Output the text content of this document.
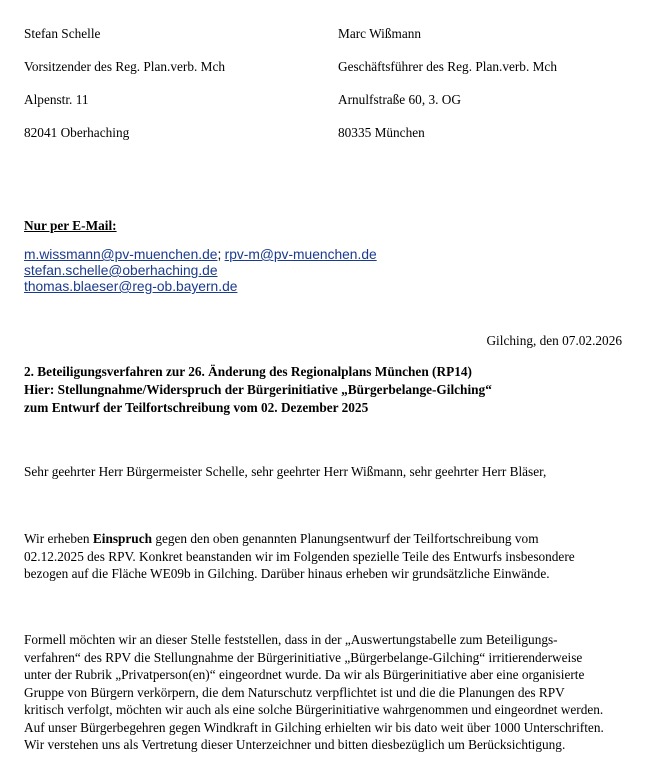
Stefan Schelle
Vorsitzender des Reg. Plan.verb. Mch
Alpenstr. 11
82041 Oberhaching
Marc Wißmann
Geschäftsführer des Reg. Plan.verb. Mch
Arnulfstraße 60, 3. OG
80335 München
Nur per E-Mail:
m.wissmann@pv-muenchen.de; rpv-m@pv-muenchen.de
stefan.schelle@oberhaching.de
thomas.blaeser@reg-ob.bayern.de
Gilching, den 07.02.2026
2. Beteiligungsverfahren zur 26. Änderung des Regionalplans München (RP14)
Hier: Stellungnahme/Widerspruch der Bürgerinitiative „Bürgerbelange-Gilching“
zum Entwurf der Teilfortschreibung vom 02. Dezember 2025
Sehr geehrter Herr Bürgermeister Schelle, sehr geehrter Herr Wißmann, sehr geehrter Herr Bläser,
Wir erheben Einspruch gegen den oben genannten Planungsentwurf der Teilfortschreibung vom
02.12.2025 des RPV. Konkret beanstanden wir im Folgenden spezielle Teile des Entwurfs insbesondere
bezogen auf die Fläche WE09b in Gilching. Darüber hinaus erheben wir grundsätzliche Einwände.
Formell möchten wir an dieser Stelle feststellen, dass in der „Auswertungstabelle zum Beteiligungs-
verfahren“ des RPV die Stellungnahme der Bürgerinitiative „Bürgerbelange-Gilching“ irritierenderweise
unter der Rubrik „Privatperson(en)“ eingeordnet wurde. Da wir als Bürgerinitiative aber eine organisierte
Gruppe von Bürgern verkörpern, die dem Naturschutz verpflichtet ist und die die Planungen des RPV
kritisch verfolgt, möchten wir auch als eine solche Bürgerinitiative wahrgenommen und eingeordnet werden.
Auf unser Bürgerbegehren gegen Windkraft in Gilching erhielten wir bis dato weit über 1000 Unterschriften.
Wir verstehen uns als Vertretung dieser Unterzeichner und bitten diesbezüglich um Berücksichtigung.
